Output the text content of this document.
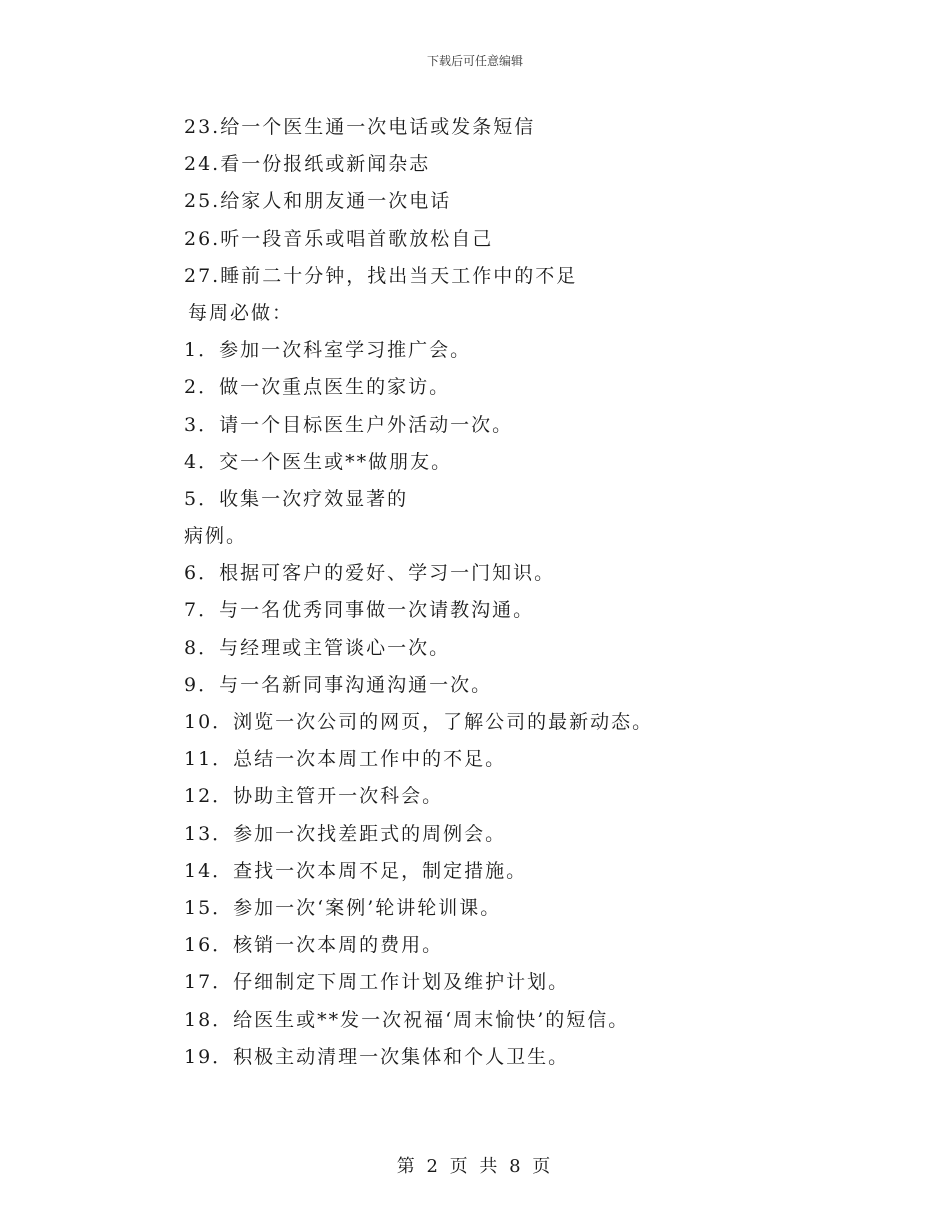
下载后可任意编辑
23.给一个医生通一次电话或发条短信
24.看一份报纸或新闻杂志
25.给家人和朋友通一次电话
26.听一段音乐或唱首歌放松自己
27.睡前二十分钟，找出当天工作中的不足
每周必做：
1．参加一次科室学习推广会。
2．做一次重点医生的家访。
3．请一个目标医生户外活动一次。
4．交一个医生或**做朋友。
5．收集一次疗效显著的
病例。
6．根据可客户的爱好、学习一门知识。
7．与一名优秀同事做一次请教沟通。
8．与经理或主管谈心一次。
9．与一名新同事沟通沟通一次。
10．浏览一次公司的网页，了解公司的最新动态。
11．总结一次本周工作中的不足。
12．协助主管开一次科会。
13．参加一次找差距式的周例会。
14．查找一次本周不足，制定措施。
15．参加一次‘案例’轮讲轮训课。
16．核销一次本周的费用。
17．仔细制定下周工作计划及维护计划。
18．给医生或**发一次祝福‘周末愉快’的短信。
19．积极主动清理一次集体和个人卫生。
第 2 页 共 8 页
